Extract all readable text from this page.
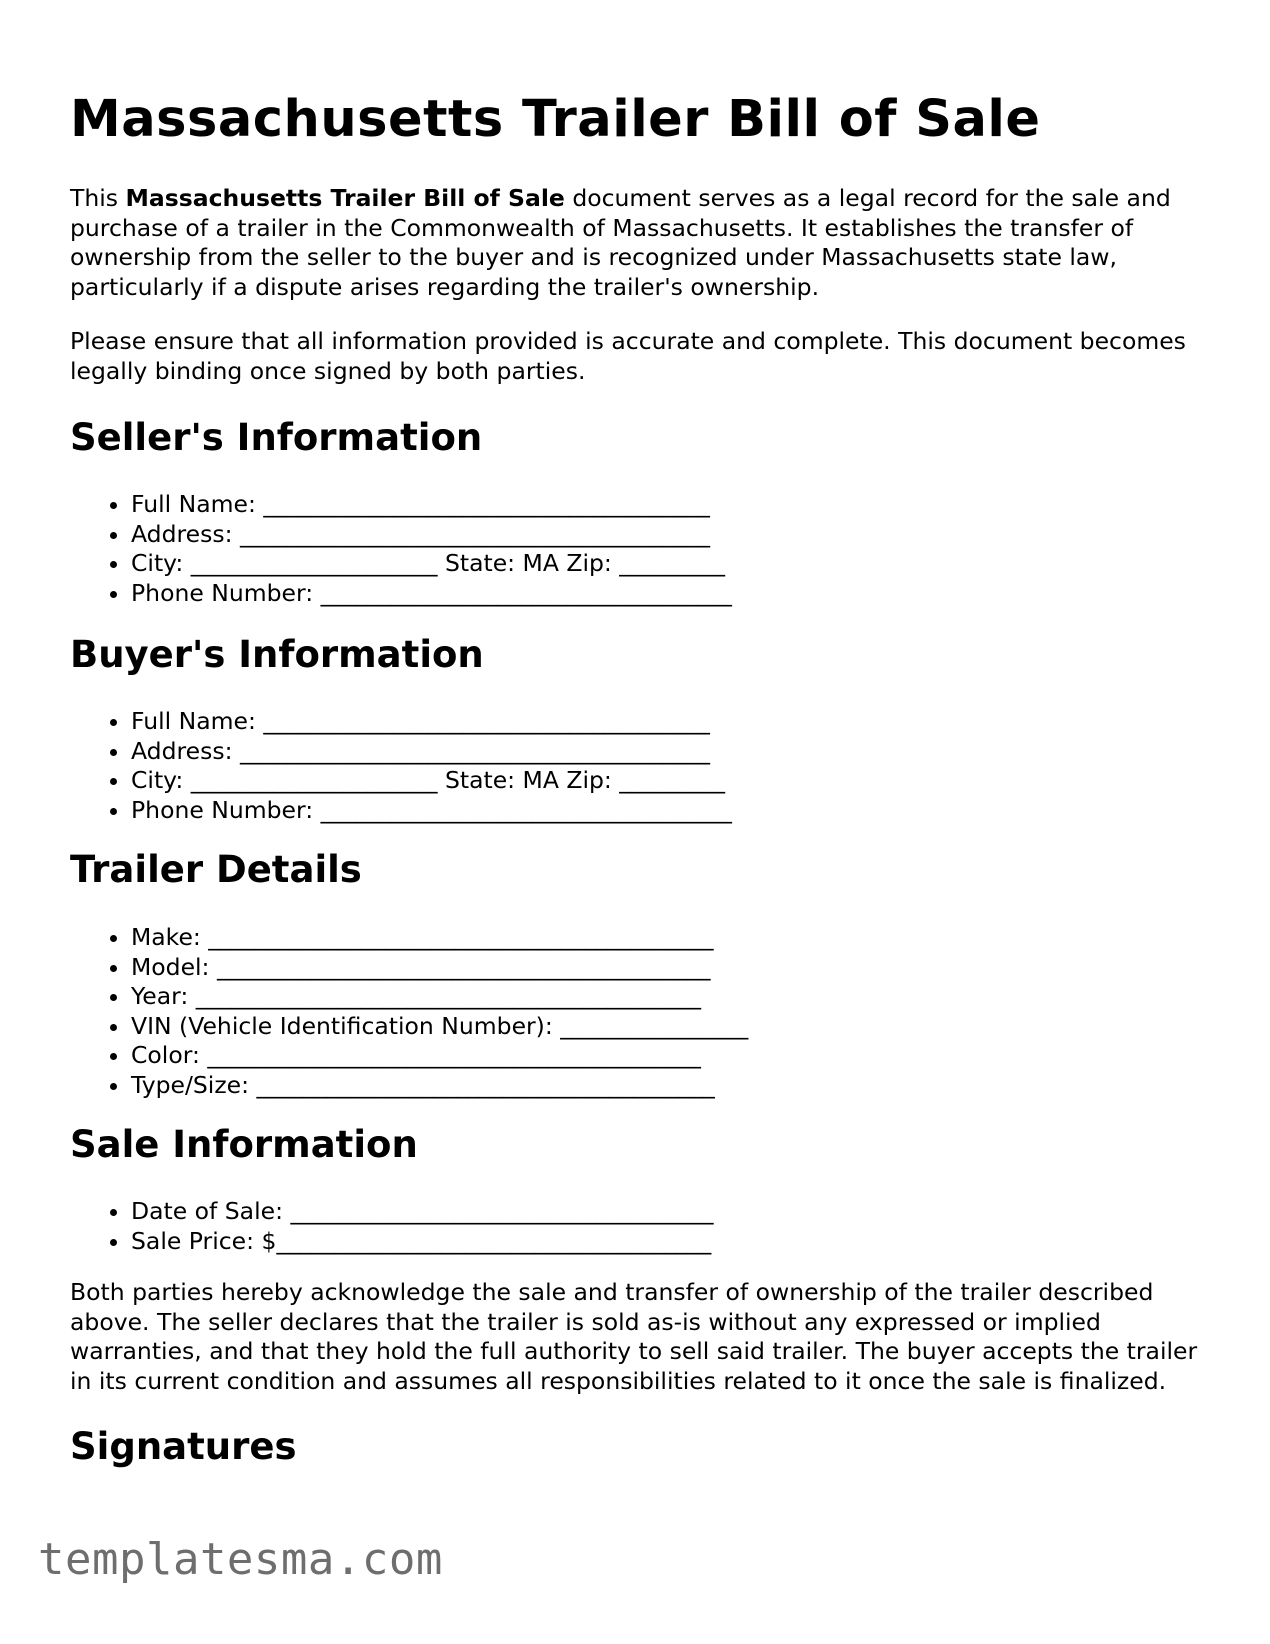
Massachusetts Trailer Bill of Sale

This Massachusetts Trailer Bill of Sale document serves as a legal record for the sale and purchase of a trailer in the Commonwealth of Massachusetts. It establishes the transfer of ownership from the seller to the buyer and is recognized under Massachusetts state law, particularly if a dispute arises regarding the trailer's ownership.

Please ensure that all information provided is accurate and complete. This document becomes legally binding once signed by both parties.

Seller's Information
• Full Name: ______________________________________
• Address: ________________________________________
• City: _____________________ State: MA Zip: _________
• Phone Number: ___________________________________
Buyer's Information
• Full Name: ______________________________________
• Address: ________________________________________
• City: _____________________ State: MA Zip: _________
• Phone Number: ___________________________________
Trailer Details
• Make: ___________________________________________
• Model: __________________________________________
• Year: ___________________________________________
• VIN (Vehicle Identification Number): ________________
• Color: __________________________________________
• Type/Size: _______________________________________
Sale Information
• Date of Sale: ____________________________________
• Sale Price: $_____________________________________

Both parties hereby acknowledge the sale and transfer of ownership of the trailer described above. The seller declares that the trailer is sold as-is without any expressed or implied warranties, and that they hold the full authority to sell said trailer. The buyer accepts the trailer in its current condition and assumes all responsibilities related to it once the sale is finalized.

Signatures
templatesma.com
